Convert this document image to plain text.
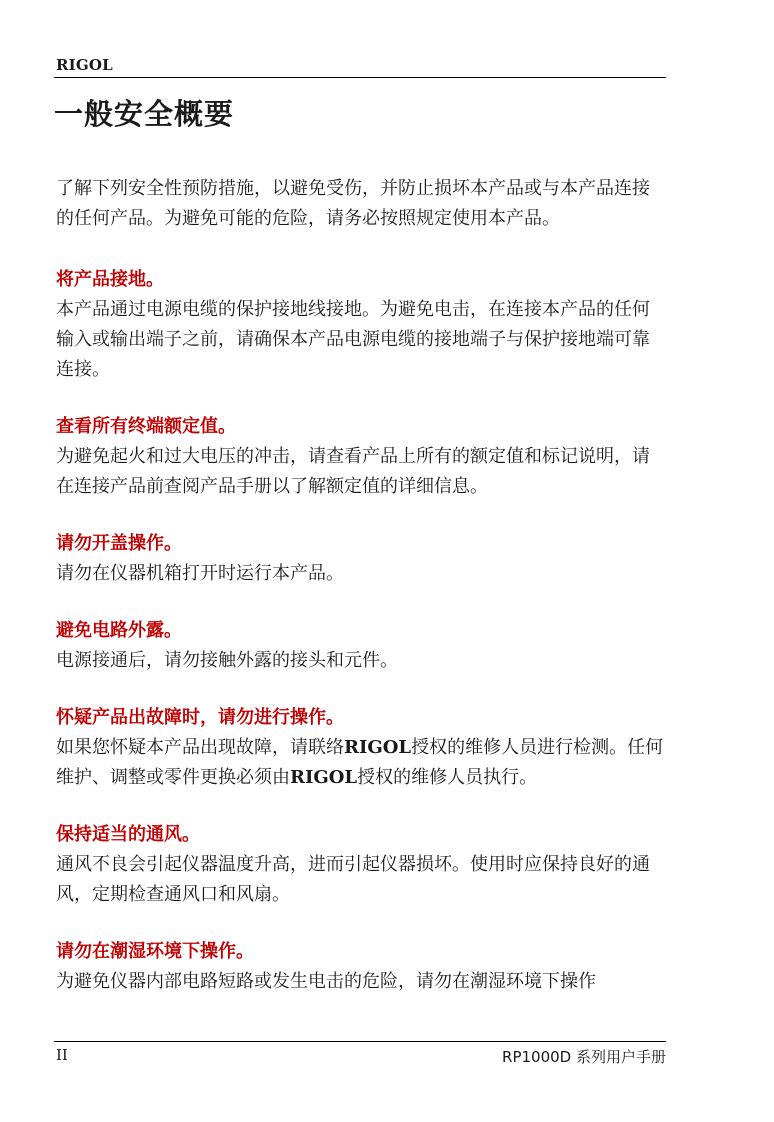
RIGOL
一般安全概要

了解下列安全性预防措施，以避免受伤，并防止损坏本产品或与本产品连接的任何产品。为避免可能的危险，请务必按照规定使用本产品。

将产品接地。

本产品通过电源电缆的保护接地线接地。为避免电击，在连接本产品的任何输入或输出端子之前，请确保本产品电源电缆的接地端子与保护接地端可靠连接。

查看所有终端额定值。

为避免起火和过大电压的冲击，请查看产品上所有的额定值和标记说明，请在连接产品前查阅产品手册以了解额定值的详细信息。

请勿开盖操作。

请勿在仪器机箱打开时运行本产品。

避免电路外露。

电源接通后，请勿接触外露的接头和元件。

怀疑产品出故障时，请勿进行操作。

如果您怀疑本产品出现故障，请联络RIGOL授权的维修人员进行检测。任何维护、调整或零件更换必须由RIGOL授权的维修人员执行。

保持适当的通风。

通风不良会引起仪器温度升高，进而引起仪器损坏。使用时应保持良好的通风，定期检查通风口和风扇。

请勿在潮湿环境下操作。

为避免仪器内部电路短路或发生电击的危险，请勿在潮湿环境下操作

II	RP1000D 系列用户手册
